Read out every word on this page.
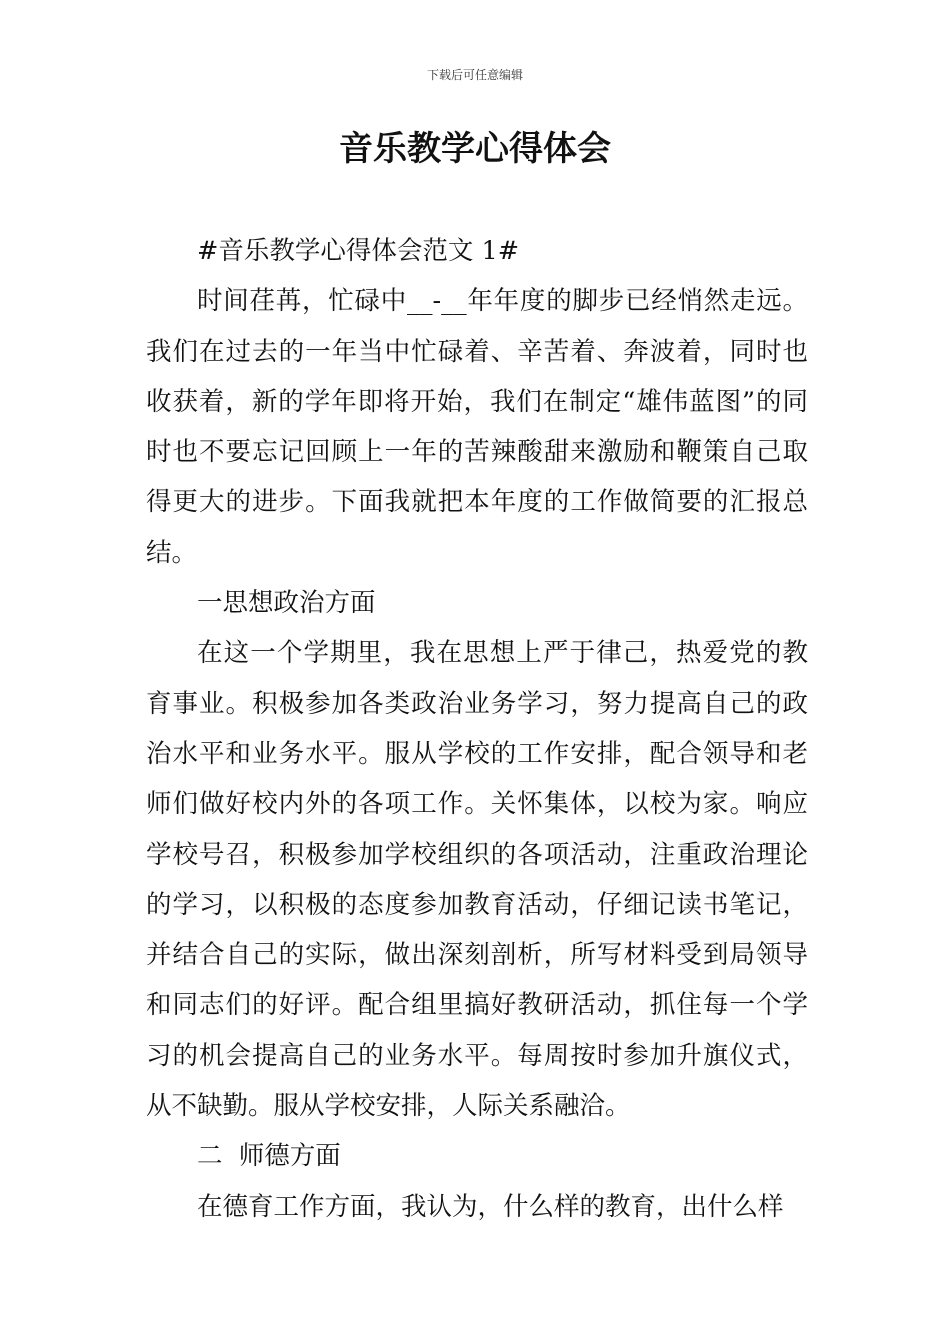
下载后可任意编辑
音乐教学心得体会

#音乐教学心得体会范文 1#

时间荏苒，忙碌中__-__年年度的脚步已经悄然走远。我们在过去的一年当中忙碌着、辛苦着、奔波着，同时也收获着，新的学年即将开始，我们在制定“雄伟蓝图”的同时也不要忘记回顾上一年的苦辣酸甜来激励和鞭策自己取得更大的进步。下面我就把本年度的工作做简要的汇报总结。

一思想政治方面

在这一个学期里，我在思想上严于律己，热爱党的教育事业。积极参加各类政治业务学习，努力提高自己的政治水平和业务水平。服从学校的工作安排，配合领导和老师们做好校内外的各项工作。关怀集体，以校为家。响应学校号召，积极参加学校组织的各项活动，注重政治理论的学习，以积极的态度参加教育活动，仔细记读书笔记，并结合自己的实际，做出深刻剖析，所写材料受到局领导和同志们的好评。配合组里搞好教研活动，抓住每一个学习的机会提高自己的业务水平。每周按时参加升旗仪式，从不缺勤。服从学校安排，人际关系融洽。

二  师德方面

在德育工作方面，我认为，什么样的教育，出什么样
